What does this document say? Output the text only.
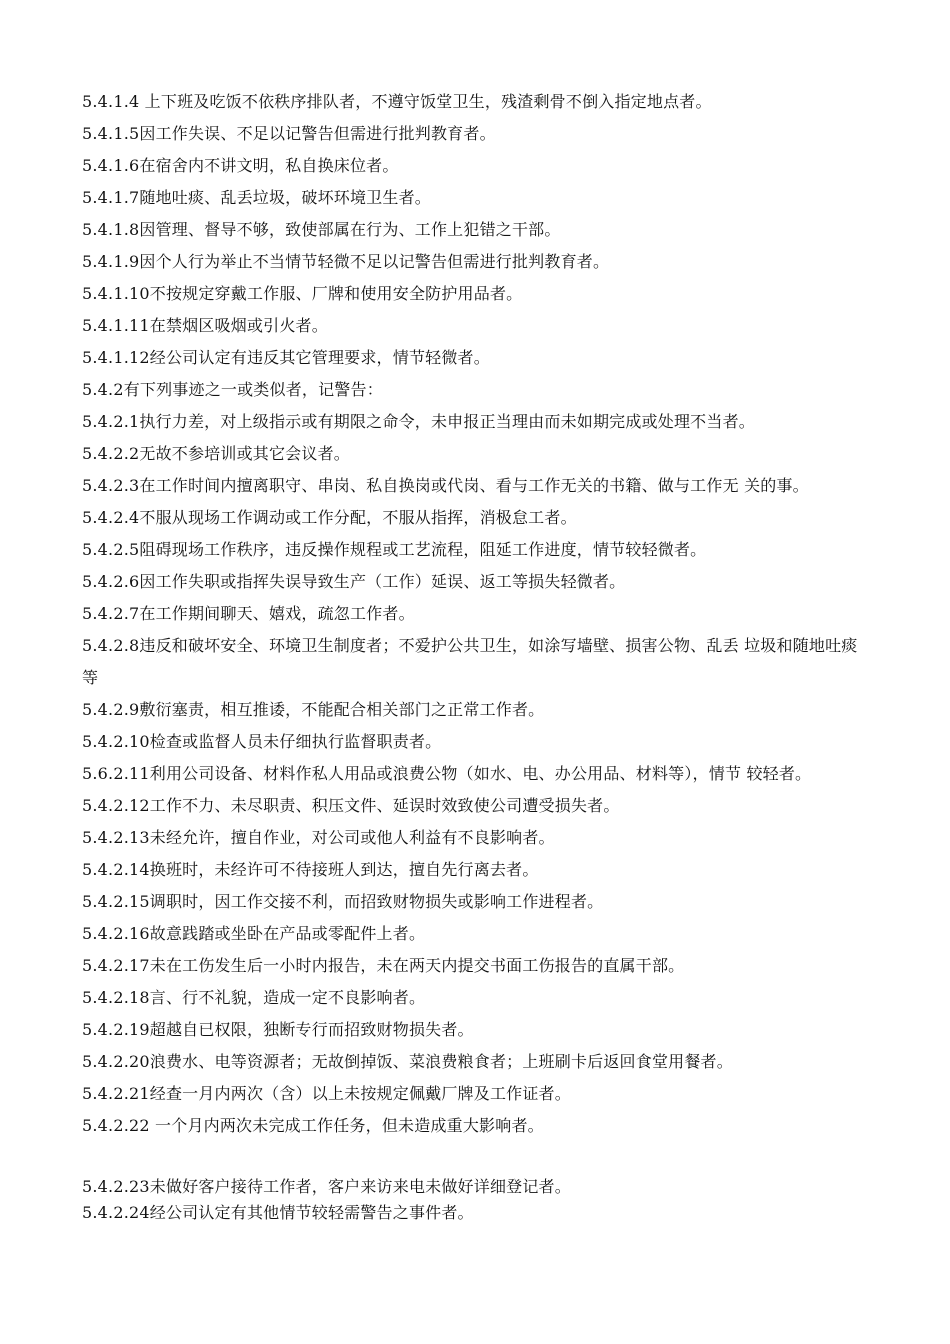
5.4.1.4 上下班及吃饭不依秩序排队者，不遵守饭堂卫生，残渣剩骨不倒入指定地点者。

5.4.1.5因工作失误、不足以记警告但需进行批判教育者。

5.4.1.6在宿舍内不讲文明，私自换床位者。

5.4.1.7随地吐痰、乱丢垃圾，破坏环境卫生者。

5.4.1.8因管理、督导不够，致使部属在行为、工作上犯错之干部。

5.4.1.9因个人行为举止不当情节轻微不足以记警告但需进行批判教育者。

5.4.1.10不按规定穿戴工作服、厂牌和使用安全防护用品者。

5.4.1.11在禁烟区吸烟或引火者。

5.4.1.12经公司认定有违反其它管理要求，情节轻微者。

5.4.2有下列事迹之一或类似者，记警告：

5.4.2.1执行力差，对上级指示或有期限之命令，未申报正当理由而未如期完成或处理不当者。

5.4.2.2无故不参培训或其它会议者。

5.4.2.3在工作时间内擅离职守、串岗、私自换岗或代岗、看与工作无关的书籍、做与工作无 关的事。

5.4.2.4不服从现场工作调动或工作分配，不服从指挥，消极怠工者。

5.4.2.5阻碍现场工作秩序，违反操作规程或工艺流程，阻延工作进度，情节较轻微者。

5.4.2.6因工作失职或指挥失误导致生产（工作）延误、返工等损失轻微者。

5.4.2.7在工作期间聊天、嬉戏，疏忽工作者。

5.4.2.8违反和破坏安全、环境卫生制度者；不爱护公共卫生，如涂写墙壁、损害公物、乱丢 垃圾和随地吐痰等

5.4.2.9敷衍塞责，相互推诿，不能配合相关部门之正常工作者。

5.4.2.10检查或监督人员未仔细执行监督职责者。

5.6.2.11利用公司设备、材料作私人用品或浪费公物（如水、电、办公用品、材料等），情节 较轻者。

5.4.2.12工作不力、未尽职责、积压文件、延误时效致使公司遭受损失者。

5.4.2.13未经允许，擅自作业，对公司或他人利益有不良影响者。

5.4.2.14换班时，未经许可不待接班人到达，擅自先行离去者。

5.4.2.15调职时，因工作交接不利，而招致财物损失或影响工作进程者。

5.4.2.16故意践踏或坐卧在产品或零配件上者。

5.4.2.17未在工伤发生后一小时内报告，未在两天内提交书面工伤报告的直属干部。

5.4.2.18言、行不礼貌，造成一定不良影响者。

5.4.2.19超越自已权限，独断专行而招致财物损失者。

5.4.2.20浪费水、电等资源者；无故倒掉饭、菜浪费粮食者；上班刷卡后返回食堂用餐者。

5.4.2.21经查一月内两次（含）以上未按规定佩戴厂牌及工作证者。

5.4.2.22 一个月内两次未完成工作任务，但未造成重大影响者。

5.4.2.23未做好客户接待工作者，客户来访来电未做好详细登记者。

5.4.2.24经公司认定有其他情节较轻需警告之事件者。
